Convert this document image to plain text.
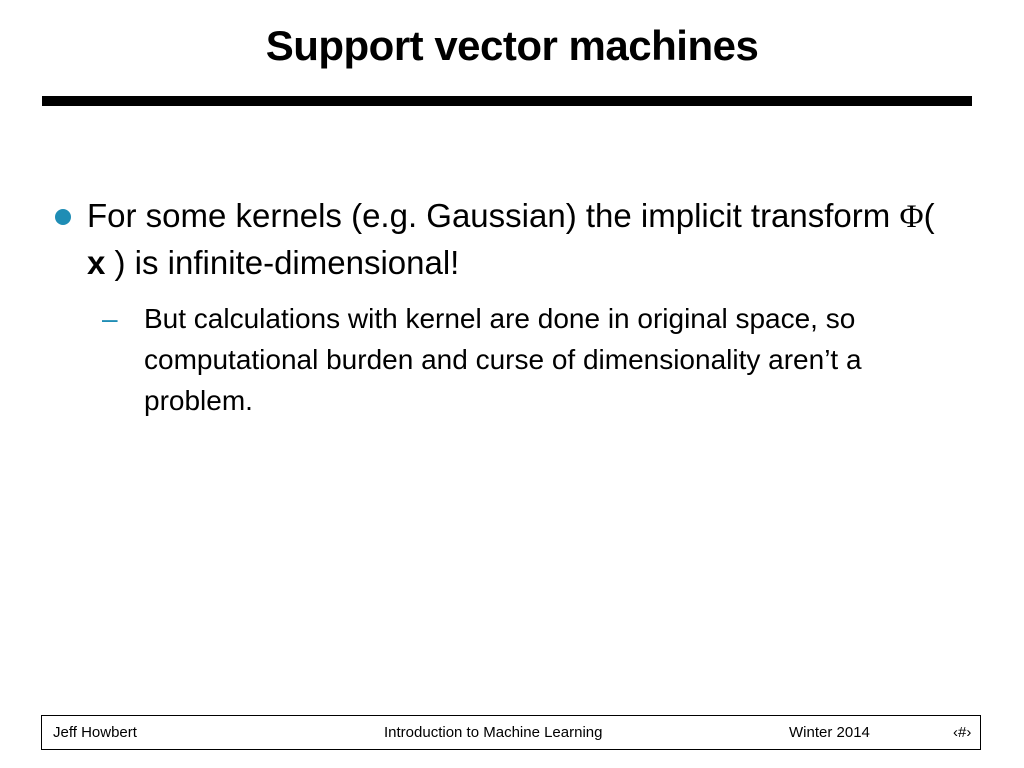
Support vector machines
For some kernels (e.g. Gaussian) the implicit transform Φ( x ) is infinite-dimensional!
– But calculations with kernel are done in original space, so computational burden and curse of dimensionality aren’t a problem.
Jeff Howbert	Introduction to Machine Learning	Winter 2014	‹#›
